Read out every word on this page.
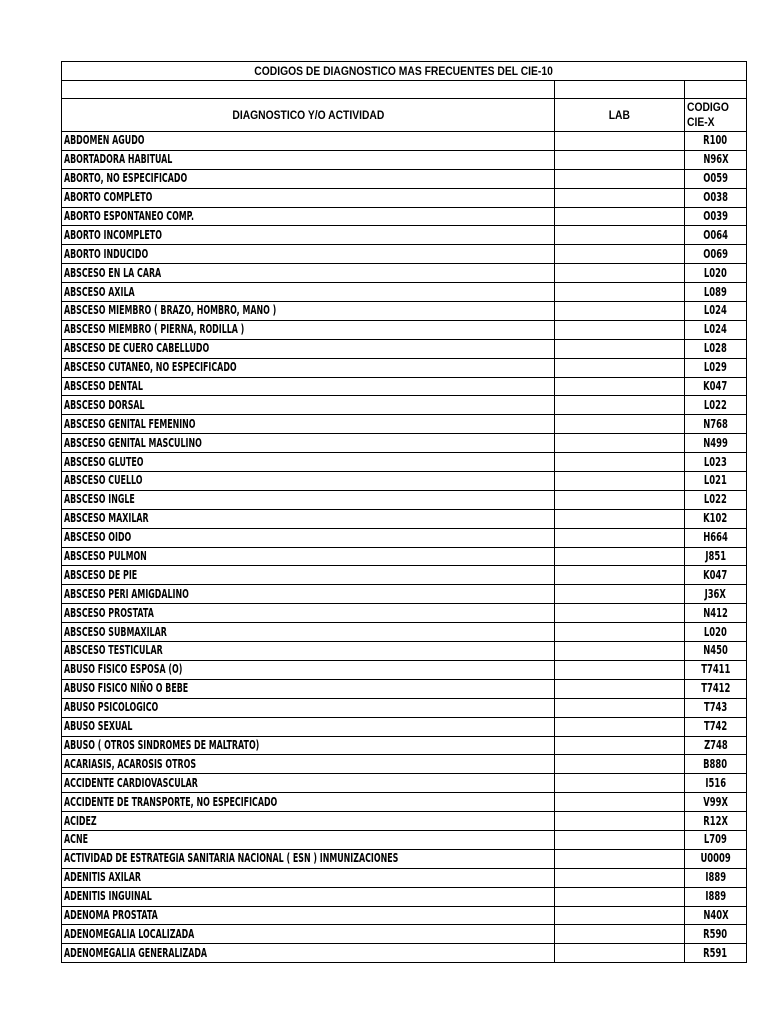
CODIGOS DE DIAGNOSTICO MAS FRECUENTES DEL CIE-10		

DIAGNOSTICO Y/O ACTIVIDAD	LAB	CODIGO
CIE-X
ABDOMEN AGUDO		R100
ABORTADORA HABITUAL		N96X
ABORTO, NO ESPECIFICADO		O059
ABORTO COMPLETO		O038
ABORTO ESPONTANEO COMP.		O039
ABORTO INCOMPLETO		O064
ABORTO INDUCIDO		O069
ABSCESO EN LA CARA		L020
ABSCESO AXILA		L089
ABSCESO MIEMBRO ( BRAZO, HOMBRO, MANO )		L024
ABSCESO MIEMBRO ( PIERNA, RODILLA )		L024
ABSCESO DE CUERO CABELLUDO		L028
ABSCESO CUTANEO, NO ESPECIFICADO		L029
ABSCESO DENTAL		K047
ABSCESO DORSAL		L022
ABSCESO GENITAL FEMENINO		N768
ABSCESO GENITAL MASCULINO		N499
ABSCESO GLUTEO		L023
ABSCESO CUELLO		L021
ABSCESO INGLE		L022
ABSCESO MAXILAR		K102
ABSCESO OIDO		H664
ABSCESO PULMON		J851
ABSCESO DE PIE		K047
ABSCESO PERI AMIGDALINO		J36X
ABSCESO PROSTATA		N412
ABSCESO SUBMAXILAR		L020
ABSCESO TESTICULAR		N450
ABUSO FISICO ESPOSA (O)		T7411
ABUSO FISICO NIÑO O BEBE		T7412
ABUSO PSICOLOGICO		T743
ABUSO SEXUAL		T742
ABUSO ( OTROS SINDROMES DE MALTRATO)		Z748
ACARIASIS, ACAROSIS OTROS		B880
ACCIDENTE CARDIOVASCULAR		I516
ACCIDENTE DE TRANSPORTE, NO ESPECIFICADO		V99X
ACIDEZ		R12X
ACNE		L709
ACTIVIDAD DE ESTRATEGIA SANITARIA NACIONAL ( ESN ) INMUNIZACIONES		U0009
ADENITIS AXILAR		I889
ADENITIS INGUINAL		I889
ADENOMA PROSTATA		N40X
ADENOMEGALIA LOCALIZADA		R590
ADENOMEGALIA GENERALIZADA		R591
